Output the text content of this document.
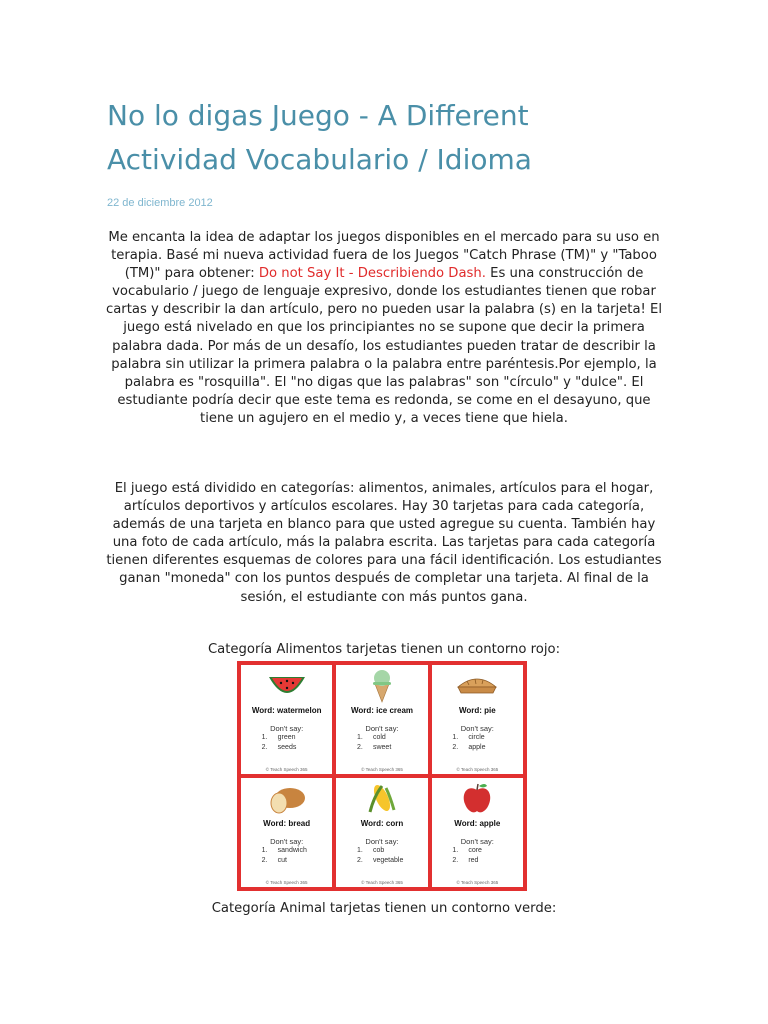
No lo digas Juego - A Different Actividad Vocabulario / Idioma
22 de diciembre 2012

Me encanta la idea de adaptar los juegos disponibles en el mercado para su uso en terapia. Basé mi nueva actividad fuera de los Juegos "Catch Phrase (TM)" y "Taboo (TM)" para obtener: Do not Say It - Describiendo Dash. Es una construcción de vocabulario / juego de lenguaje expresivo, donde los estudiantes tienen que robar cartas y describir la dan artículo, pero no pueden usar la palabra (s) en la tarjeta! El juego está nivelado en que los principiantes no se supone que decir la primera palabra dada. Por más de un desafío, los estudiantes pueden tratar de describir la palabra sin utilizar la primera palabra o la palabra entre paréntesis.Por ejemplo, la palabra es "rosquilla". El "no digas que las palabras" son "círculo" y "dulce". El estudiante podría decir que este tema es redonda, se come en el desayuno, que tiene un agujero en el medio y, a veces tiene que hiela.

El juego está dividido en categorías: alimentos, animales, artículos para el hogar, artículos deportivos y artículos escolares. Hay 30 tarjetas para cada categoría, además de una tarjeta en blanco para que usted agregue su cuenta. También hay una foto de cada artículo, más la palabra escrita. Las tarjetas para cada categoría tienen diferentes esquemas de colores para una fácil identificación. Los estudiantes ganan "moneda" con los puntos después de completar una tarjeta. Al final de la sesión, el estudiante con más puntos gana.

Categoría Alimentos tarjetas tienen un contorno rojo:
Word: watermelon
Don't say:
1. green
2. seeds
© Teach Speech 365
Word: ice cream
Don't say:
1. cold
2. sweet
© Teach Speech 365
Word: pie
Don't say:
1. circle
2. apple
© Teach Speech 365
Word: bread
Don't say:
1. sandwich
2. cut
© Teach Speech 365
Word: corn
Don't say:
1. cob
2. vegetable
© Teach Speech 365
Word: apple
Don't say:
1. core
2. red
© Teach Speech 365
Categoría Animal tarjetas tienen un contorno verde:
